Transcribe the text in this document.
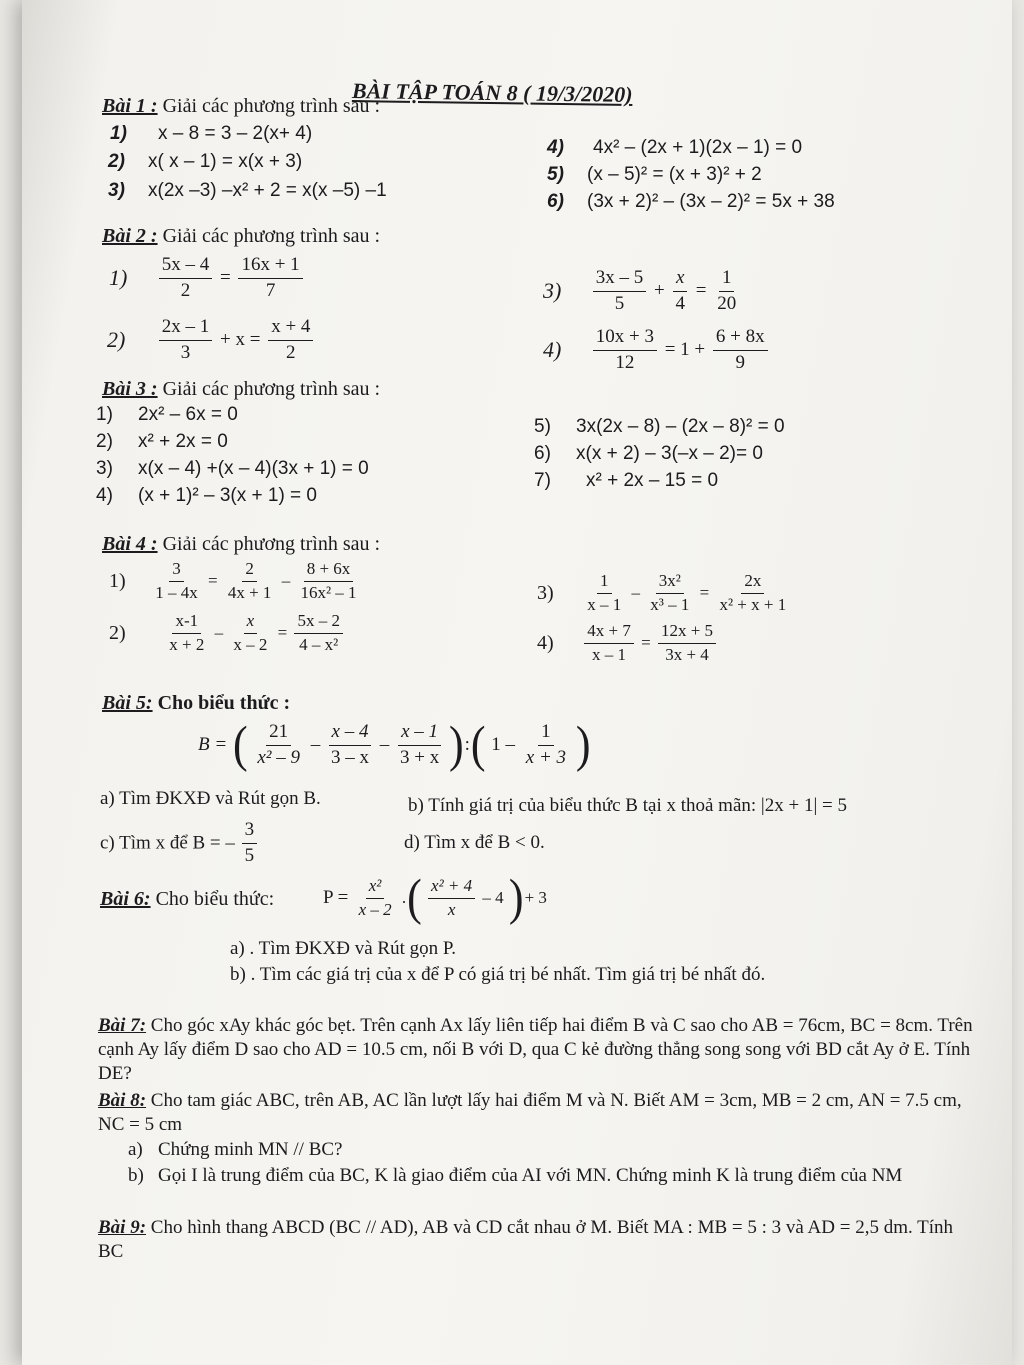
BÀI TẬP TOÁN 8 ( 19/3/2020)
Bài 1 : Giải các phương trình sau :
1) x – 8 = 3 – 2(x+ 4)
2) x( x – 1) = x(x + 3)
3) x(2x –3) –x² + 2 = x(x –5) –1
4) 4x² – (2x + 1)(2x – 1) = 0
5) (x – 5)² = (x + 3)² + 2
6) (3x + 2)² – (3x – 2)² = 5x + 38
Bài 2 : Giải các phương trình sau :
$1) \frac{5x - 4}{2} = \frac{16x + 1}{7}$
$2) \frac{2x - 1}{3} + x = \frac{x + 4}{2}$
$3) \frac{3x - 5}{5} + \frac{x}{4} = \frac{1}{20}$
$4) \frac{10x + 3}{12} = 1 + \frac{6 + 8x}{9}$
Bài 3 : Giải các phương trình sau :
1) 2x² – 6x = 0
2) x² + 2x = 0
3) x(x – 4) +(x – 4)(3x + 1) = 0
4) (x + 1)² – 3(x + 1) = 0
5) 3x(2x – 8) – (2x – 8)² = 0
6) x(x + 2) – 3(–x – 2)= 0
7) x² + 2x – 15 = 0
Bài 4 : Giải các phương trình sau :
$1) \frac{3}{1 - 4x} = \frac{2}{4x + 1} - \frac{8 + 6x}{\text{16x² – 1}}$
$2) \frac{x-1}{x + 2} - \frac{x}{x - 2} = \frac{5x - 2}{\text{4 – x²}}$
$3) \frac{1}{x - 1} - \frac{\text{3x²}}{\text{x³ – 1}} = \frac{2x}{\text{x² + x + 1}}$
$4) \frac{4x + 7}{x - 1} = \frac{12x + 5}{3x + 4}$
Bài 5: Cho biểu thức :
B = ( $\frac{21}{\text{x² – 9}} - \frac{x - 4}{3 - x} - \frac{x - 1}{3 + x}$ ):( $1 - \frac{1}{x + 3}$ )
a) Tìm ĐKXĐ và Rút gọn B.	b) Tính giá trị của biểu thức B tại x thoả mãn: |2x + 1| = 5
c) Tìm x để B = – $\frac{3}{5}$	d) Tìm x để B < 0.
Bài 6: Cho biểu thức:	$P = \frac{\text{x²}}{x - 2}$ .( $\frac{\text{x² + 4}}{x} - 4$ )+ 3
a) . Tìm ĐKXĐ và Rút gọn P.
b) . Tìm các giá trị của x để P có giá trị bé nhất. Tìm giá trị bé nhất đó.
Bài 7: Cho góc xAy khác góc bẹt. Trên cạnh Ax lấy liên tiếp hai điểm B và C sao cho AB = 76cm, BC = 8cm. Trên cạnh Ay lấy điểm D sao cho AD = 10.5 cm, nối B với D, qua C kẻ đường thẳng song song với BD cắt Ay ở E. Tính DE?
Bài 8: Cho tam giác ABC, trên AB, AC lần lượt lấy hai điểm M và N. Biết AM = 3cm, MB = 2 cm, AN = 7.5 cm, NC = 5 cm
a) Chứng minh MN // BC?
b) Gọi I là trung điểm của BC, K là giao điểm của AI với MN. Chứng minh K là trung điểm của NM
Bài 9: Cho hình thang ABCD (BC // AD), AB và CD cắt nhau ở M. Biết MA : MB = 5 : 3 và AD = 2,5 dm. Tính BC
